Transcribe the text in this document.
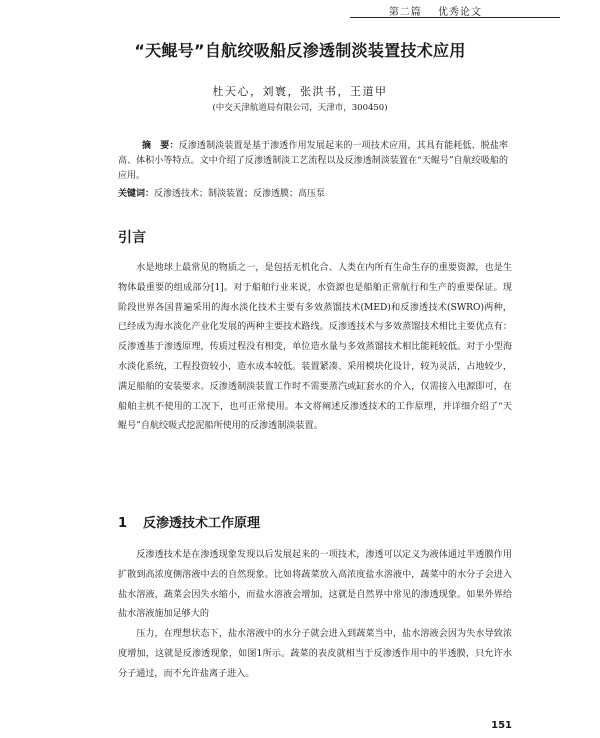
第二篇 优秀论文
“天鲲号”自航绞吸船反渗透制淡装置技术应用
杜天心，刘寰，张洪书，王道甲
(中交天津航道局有限公司，天津市，300450)
摘　要：反渗透制淡装置是基于渗透作用发展起来的一项技术应用，其具有能耗低、脱盐率高、体积小等特点。文中介绍了反渗透制淡工艺流程以及反渗透制淡装置在“天鲲号”自航绞吸船的应用。
关键词：反渗透技术；制淡装置；反渗透膜；高压泵
引言

水是地球上最常见的物质之一，是包括无机化合、人类在内所有生命生存的重要资源，也是生物体最重要的组成部分[1]。对于船舶行业来说，水资源也是船舶正常航行和生产的重要保证。现阶段世界各国普遍采用的海水淡化技术主要有多效蒸馏技术(MED)和反渗透技术(SWRO)两种，已经成为海水淡化产业化发展的两种主要技术路线。反渗透技术与多效蒸馏技术相比主要优点有：反渗透基于渗透原理，传质过程没有相变，单位造水量与多效蒸馏技术相比能耗较低。对于小型海水淡化系统，工程投资较小，造水成本较低。装置紧凑、采用模块化设计，较为灵活，占地较少，满足船舶的安装要求。反渗透制淡装置工作时不需要蒸汽或缸套水的介入，仅需接入电源即可，在船舶主机不使用的工况下，也可正常使用。本文将阐述反渗透技术的工作原理，并详细介绍了“天鲲号”自航绞吸式挖泥船所使用的反渗透制淡装置。

1 反渗透技术工作原理

反渗透技术是在渗透现象发现以后发展起来的一项技术，渗透可以定义为液体通过半透膜作用扩散到高浓度侧溶液中去的自然现象。比如将蔬菜放入高浓度盐水溶液中，蔬菜中的水分子会进入盐水溶液，蔬菜会因失水缩小，而盐水溶液会增加，这就是自然界中常见的渗透现象。如果外界给盐水溶液施加足够大的

压力，在理想状态下，盐水溶液中的水分子就会进入到蔬菜当中，盐水溶液会因为失水导致浓度增加，这就是反渗透现象，如图1所示。蔬菜的表皮就相当于反渗透作用中的半透膜，只允许水分子通过，而不允许盐离子进入。

151
